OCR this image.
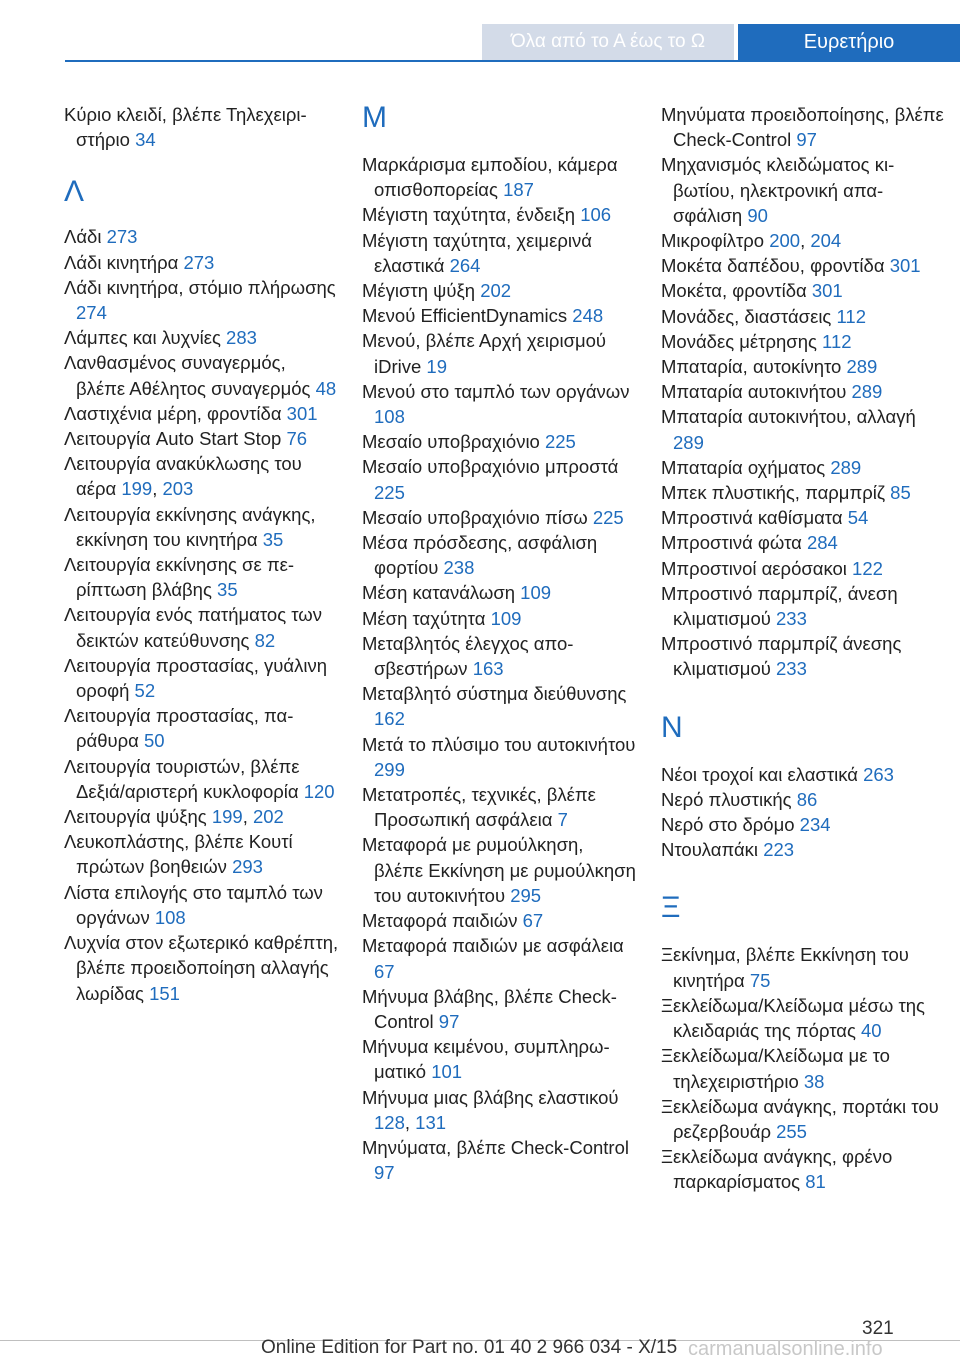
Όλα από το Α έως το Ω	Ευρετήριο
Κύριο κλειδί, βλέπε Τηλεχειριστήριο 34
Λ
Λάδι 273
Λάδι κινητήρα 273
Λάδι κινητήρα, στόμιο πλήρωσης 274
Λάμπες και λυχνίες 283
Λανθασμένος συναγερμός, βλέπε Αθέλητος συναγερμός 48
Λαστιχένια μέρη, φροντίδα 301
Λειτουργία Auto Start Stop 76
Λειτουργία ανακύκλωσης του αέρα 199, 203
Λειτουργία εκκίνησης ανάγκης, εκκίνηση του κινητήρα 35
Λειτουργία εκκίνησης σε περίπτωση βλάβης 35
Λειτουργία ενός πατήματος των δεικτών κατεύθυνσης 82
Λειτουργία προστασίας, γυάλινη οροφή 52
Λειτουργία προστασίας, παράθυρα 50
Λειτουργία τουριστών, βλέπε Δεξιά/αριστερή κυκλοφορία 120
Λειτουργία ψύξης 199, 202
Λευκοπλάστης, βλέπε Κουτί πρώτων βοηθειών 293
Λίστα επιλογής στο ταμπλό των οργάνων 108
Λυχνία στον εξωτερικό καθρέπτη, βλέπε προειδοποίηση αλλαγής λωρίδας 151
Μ
Μαρκάρισμα εμποδίου, κάμερα οπισθοπορείας 187
Μέγιστη ταχύτητα, ένδειξη 106
Μέγιστη ταχύτητα, χειμερινά ελαστικά 264
Μέγιστη ψύξη 202
Μενού EfficientDynamics 248
Μενού, βλέπε Αρχή χειρισμού iDrive 19
Μενού στο ταμπλό των οργάνων 108
Μεσαίο υποβραχιόνιο 225
Μεσαίο υποβραχιόνιο μπροστά 225
Μεσαίο υποβραχιόνιο πίσω 225
Μέσα πρόσδεσης, ασφάλιση φορτίου 238
Μέση κατανάλωση 109
Μέση ταχύτητα 109
Μεταβλητός έλεγχος αποσβεστήρων 163
Μεταβλητό σύστημα διεύθυνσης 162
Μετά το πλύσιμο του αυτοκινήτου 299
Μετατροπές, τεχνικές, βλέπε Προσωπική ασφάλεια 7
Μεταφορά με ρυμούλκηση, βλέπε Εκκίνηση με ρυμούλκηση του αυτοκινήτου 295
Μεταφορά παιδιών 67
Μεταφορά παιδιών με ασφάλεια 67
Μήνυμα βλάβης, βλέπε Check-Control 97
Μήνυμα κειμένου, συμπληρωματικό 101
Μήνυμα μιας βλάβης ελαστικού 128, 131
Μηνύματα, βλέπε Check-Control 97
Μηνύματα προειδοποίησης, βλέπε Check-Control 97
Μηχανισμός κλειδώματος κιβωτίου, ηλεκτρονική απασφάλιση 90
Μικροφίλτρο 200, 204
Μοκέτα δαπέδου, φροντίδα 301
Μοκέτα, φροντίδα 301
Μονάδες, διαστάσεις 112
Μονάδες μέτρησης 112
Μπαταρία, αυτοκίνητο 289
Μπαταρία αυτοκινήτου 289
Μπαταρία αυτοκινήτου, αλλαγή 289
Μπαταρία οχήματος 289
Μπεκ πλυστικής, παρμπρίζ 85
Μπροστινά καθίσματα 54
Μπροστινά φώτα 284
Μπροστινοί αερόσακοι 122
Μπροστινό παρμπρίζ, άνεση κλιματισμού 233
Μπροστινό παρμπρίζ άνεσης κλιματισμού 233
Ν
Νέοι τροχοί και ελαστικά 263
Νερό πλυστικής 86
Νερό στο δρόμο 234
Ντουλαπάκι 223
Ξ
Ξεκίνημα, βλέπε Εκκίνηση του κινητήρα 75
Ξεκλείδωμα/Κλείδωμα μέσω της κλειδαριάς της πόρτας 40
Ξεκλείδωμα/Κλείδωμα με το τηλεχειριστήριο 38
Ξεκλείδωμα ανάγκης, πορτάκι του ρεζερβουάρ 255
Ξεκλείδωμα ανάγκης, φρένο παρκαρίσματος 81
321
Online Edition for Part no. 01 40 2 966 034 - X/15 carmanualsonline.info
